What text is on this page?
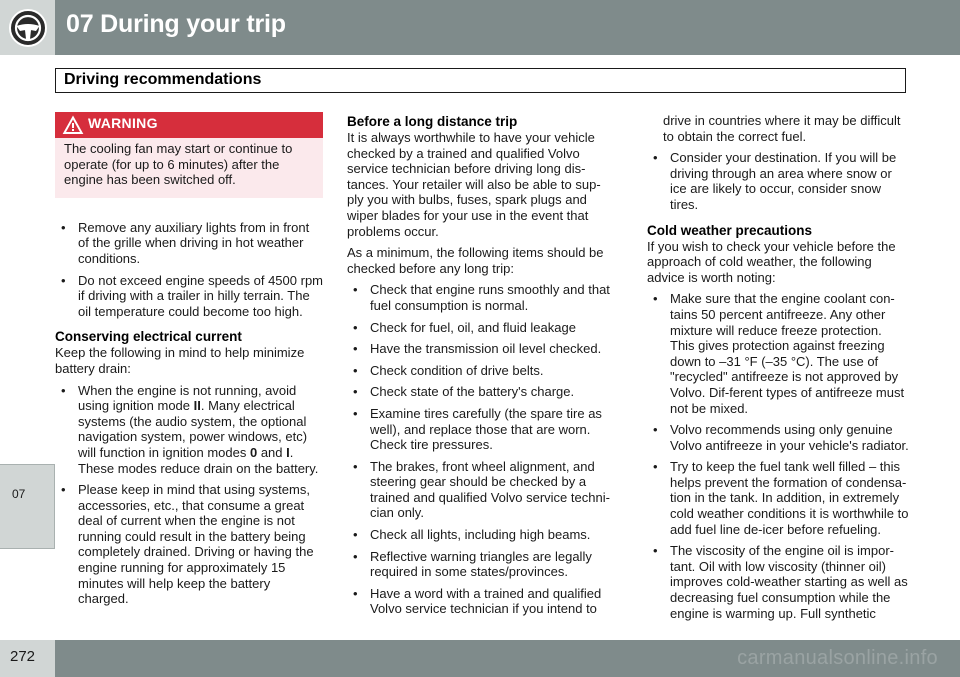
07 During your trip
Driving recommendations
07
WARNING
The cooling fan may start or continue to operate (for up to 6 minutes) after the engine has been switched off.
• Remove any auxiliary lights from in front of the grille when driving in hot weather conditions.
• Do not exceed engine speeds of 4500 rpm if driving with a trailer in hilly terrain. The oil temperature could become too high.
Conserving electrical current

Keep the following in mind to help minimize battery drain:

• When the engine is not running, avoid using ignition mode II. Many electrical systems (the audio system, the optional navigation system, power windows, etc) will function in ignition modes 0 and I. These modes reduce drain on the battery.
• Please keep in mind that using systems, accessories, etc., that consume a great deal of current when the engine is not running could result in the battery being completely drained. Driving or having the engine running for approximately 15 minutes will help keep the battery charged.
Before a long distance trip

It is always worthwhile to have your vehicle checked by a trained and qualified Volvo service technician before driving long dis-tances. Your retailer will also be able to sup-ply you with bulbs, fuses, spark plugs and wiper blades for your use in the event that problems occur.

As a minimum, the following items should be checked before any long trip:

• Check that engine runs smoothly and that fuel consumption is normal.
• Check for fuel, oil, and fluid leakage
• Have the transmission oil level checked.
• Check condition of drive belts.
• Check state of the battery's charge.
• Examine tires carefully (the spare tire as well), and replace those that are worn. Check tire pressures.
• The brakes, front wheel alignment, and steering gear should be checked by a trained and qualified Volvo service techni-cian only.
• Check all lights, including high beams.
• Reflective warning triangles are legally required in some states/provinces.
• Have a word with a trained and qualified Volvo service technician if you intend to

drive in countries where it may be difficult to obtain the correct fuel.

• Consider your destination. If you will be driving through an area where snow or ice are likely to occur, consider snow tires.
Cold weather precautions

If you wish to check your vehicle before the approach of cold weather, the following advice is worth noting:

• Make sure that the engine coolant con-tains 50 percent antifreeze. Any other mixture will reduce freeze protection. This gives protection against freezing down to –31 °F (–35 °C). The use of "recycled" antifreeze is not approved by Volvo. Dif-ferent types of antifreeze must not be mixed.
• Volvo recommends using only genuine Volvo antifreeze in your vehicle's radiator.
• Try to keep the fuel tank well filled – this helps prevent the formation of condensa-tion in the tank. In addition, in extremely cold weather conditions it is worthwhile to add fuel line de-icer before refueling.
• The viscosity of the engine oil is impor-tant. Oil with low viscosity (thinner oil) improves cold-weather starting as well as decreasing fuel consumption while the engine is warming up. Full synthetic
272	carmanualsonline.info
